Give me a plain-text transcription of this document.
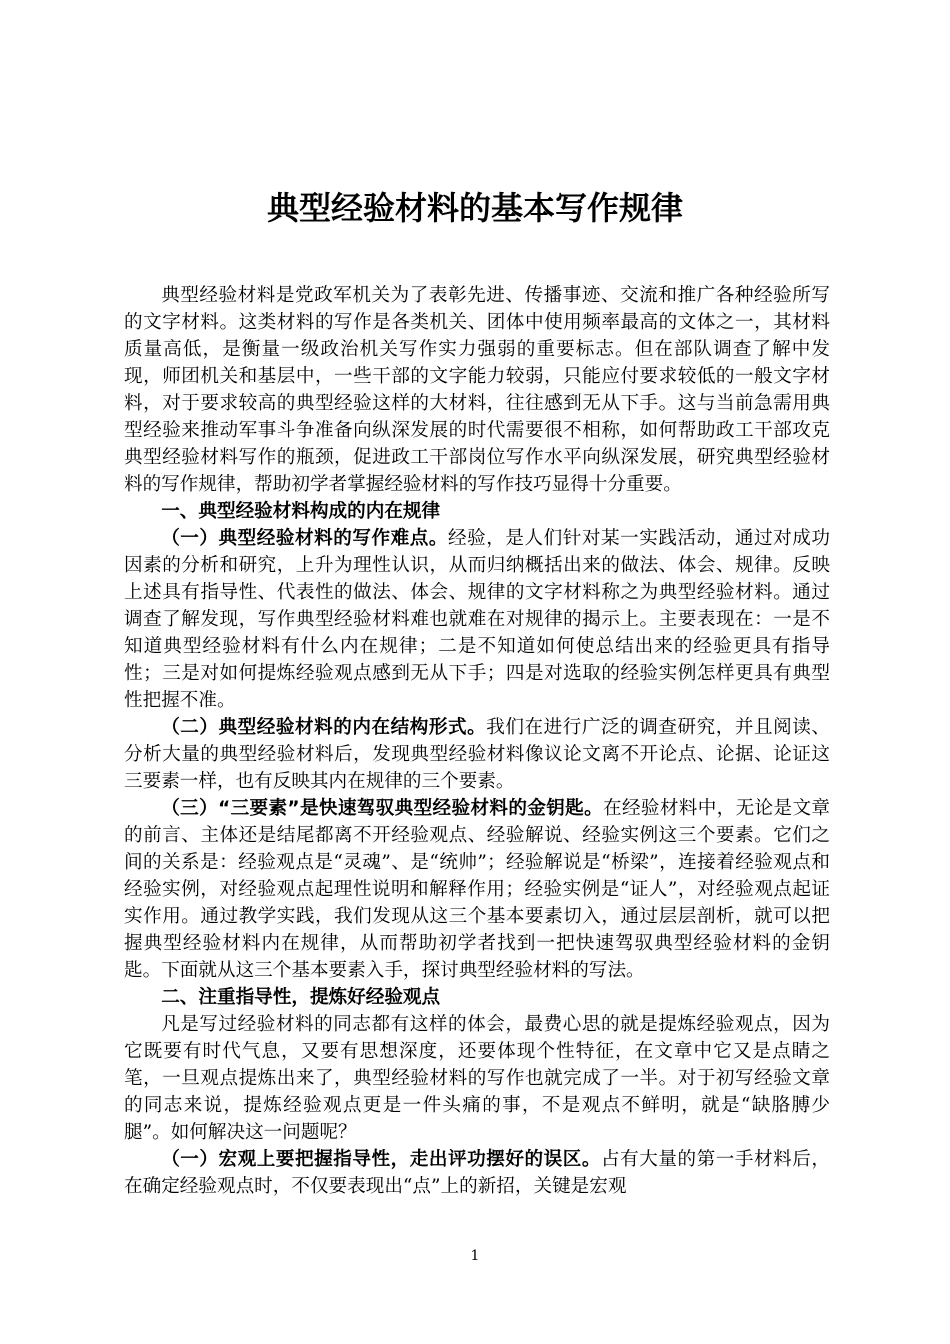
典型经验材料的基本写作规律

典型经验材料是党政军机关为了表彰先进、传播事迹、交流和推广各种经验所写的文字材料。这类材料的写作是各类机关、团体中使用频率最高的文体之一，其材料质量高低，是衡量一级政治机关写作实力强弱的重要标志。但在部队调查了解中发现，师团机关和基层中，一些干部的文字能力较弱，只能应付要求较低的一般文字材料，对于要求较高的典型经验这样的大材料，往往感到无从下手。这与当前急需用典型经验来推动军事斗争准备向纵深发展的时代需要很不相称，如何帮助政工干部攻克典型经验材料写作的瓶颈，促进政工干部岗位写作水平向纵深发展，研究典型经验材料的写作规律，帮助初学者掌握经验材料的写作技巧显得十分重要。

一、典型经验材料构成的内在规律

（一）典型经验材料的写作难点。经验，是人们针对某一实践活动，通过对成功因素的分析和研究，上升为理性认识，从而归纳概括出来的做法、体会、规律。反映上述具有指导性、代表性的做法、体会、规律的文字材料称之为典型经验材料。通过调查了解发现，写作典型经验材料难也就难在对规律的揭示上。主要表现在：一是不知道典型经验材料有什么内在规律；二是不知道如何使总结出来的经验更具有指导性；三是对如何提炼经验观点感到无从下手；四是对选取的经验实例怎样更具有典型性把握不准。

（二）典型经验材料的内在结构形式。我们在进行广泛的调查研究，并且阅读、分析大量的典型经验材料后，发现典型经验材料像议论文离不开论点、论据、论证这三要素一样，也有反映其内在规律的三个要素。

（三）“三要素”是快速驾驭典型经验材料的金钥匙。在经验材料中，无论是文章的前言、主体还是结尾都离不开经验观点、经验解说、经验实例这三个要素。它们之间的关系是：经验观点是“灵魂”、是“统帅”；经验解说是“桥梁”，连接着经验观点和经验实例，对经验观点起理性说明和解释作用；经验实例是“证人”，对经验观点起证实作用。通过教学实践，我们发现从这三个基本要素切入，通过层层剖析，就可以把握典型经验材料内在规律，从而帮助初学者找到一把快速驾驭典型经验材料的金钥匙。下面就从这三个基本要素入手，探讨典型经验材料的写法。

二、注重指导性，提炼好经验观点

凡是写过经验材料的同志都有这样的体会，最费心思的就是提炼经验观点，因为它既要有时代气息，又要有思想深度，还要体现个性特征，在文章中它又是点睛之笔，一旦观点提炼出来了，典型经验材料的写作也就完成了一半。对于初写经验文章的同志来说，提炼经验观点更是一件头痛的事，不是观点不鲜明，就是“缺胳膊少腿”。如何解决这一问题呢？

（一）宏观上要把握指导性，走出评功摆好的误区。占有大量的第一手材料后，在确定经验观点时，不仅要表现出“点”上的新招，关键是宏观

1
